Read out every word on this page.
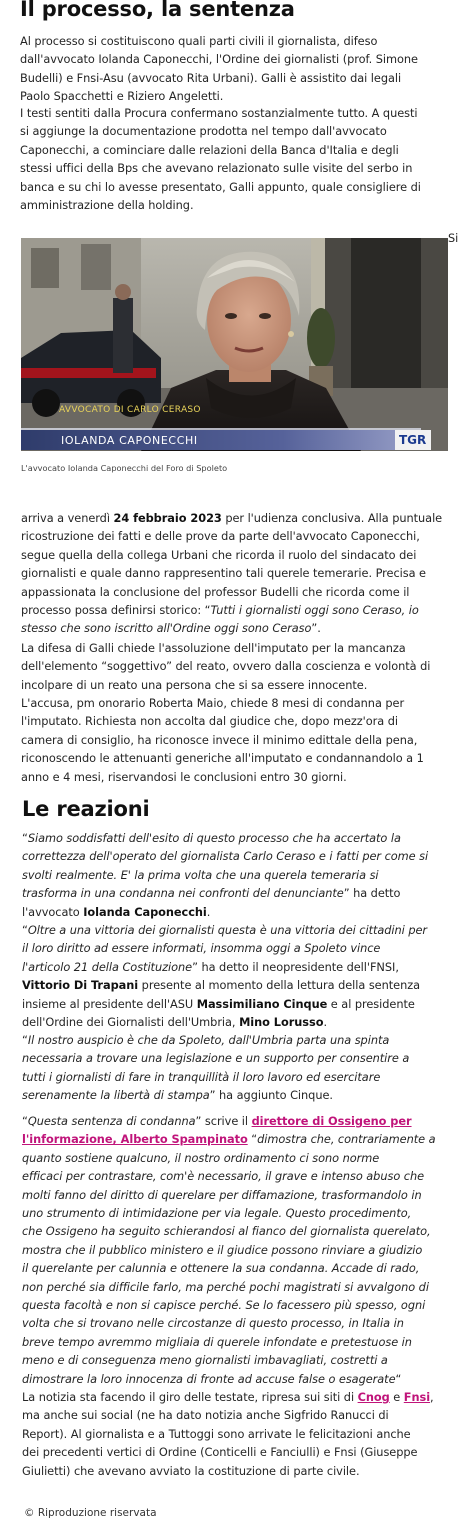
Il processo, la sentenza

Al processo si costituiscono quali parti civili il giornalista, difeso
dall'avvocato Iolanda Caponecchi, l'Ordine dei giornalisti (prof. Simone
Budelli) e Fnsi-Asu (avvocato Rita Urbani). Galli è assistito dai legali
Paolo Spacchetti e Riziero Angeletti.

I testi sentiti dalla Procura confermano sostanzialmente tutto. A questi
si aggiunge la documentazione prodotta nel tempo dall'avvocato
Caponecchi, a cominciare dalle relazioni della Banca d'Italia e degli
stessi uffici della Bps che avevano relazionato sulle visite del serbo in
banca e su chi lo avesse presentato, Galli appunto, quale consigliere di
amministrazione della holding.

Si
AVVOCATO DI CARLO CERASO
IOLANDA CAPONECCHI	TGR
L'avvocato Iolanda Caponecchi del Foro di Spoleto

arriva a venerdì 24 febbraio 2023 per l'udienza conclusiva. Alla puntuale
ricostruzione dei fatti e delle prove da parte dell'avvocato Caponecchi,
segue quella della collega Urbani che ricorda il ruolo del sindacato dei
giornalisti e quale danno rappresentino tali querele temerarie. Precisa e
appassionata la conclusione del professor Budelli che ricorda come il
processo possa definirsi storico: “Tutti i giornalisti oggi sono Ceraso, io
stesso che sono iscritto all'Ordine oggi sono Ceraso”.

La difesa di Galli chiede l'assoluzione dell'imputato per la mancanza
dell'elemento “soggettivo” del reato, ovvero dalla coscienza e volontà di
incolpare di un reato una persona che si sa essere innocente.

L'accusa, pm onorario Roberta Maio, chiede 8 mesi di condanna per
l'imputato. Richiesta non accolta dal giudice che, dopo mezz'ora di
camera di consiglio, ha riconosce invece il minimo edittale della pena,
riconoscendo le attenuanti generiche all'imputato e condannandolo a 1
anno e 4 mesi, riservandosi le conclusioni entro 30 giorni.

Le reazioni

“Siamo soddisfatti dell'esito di questo processo che ha accertato la
correttezza dell'operato del giornalista Carlo Ceraso e i fatti per come si
svolti realmente. E' la prima volta che una querela temeraria si
trasforma in una condanna nei confronti del denunciante” ha detto
l'avvocato Iolanda Caponecchi.

“Oltre a una vittoria dei giornalisti questa è una vittoria dei cittadini per
il loro diritto ad essere informati, insomma oggi a Spoleto vince
l'articolo 21 della Costituzione” ha detto il neopresidente dell'FNSI,
Vittorio Di Trapani presente al momento della lettura della sentenza
insieme al presidente dell'ASU Massimiliano Cinque e al presidente
dell'Ordine dei Giornalisti dell'Umbria, Mino Lorusso.

“Il nostro auspicio è che da Spoleto, dall'Umbria parta una spinta
necessaria a trovare una legislazione e un supporto per consentire a
tutti i giornalisti di fare in tranquillità il loro lavoro ed esercitare
serenamente la libertà di stampa” ha aggiunto Cinque.

“Questa sentenza di condanna” scrive il direttore di Ossigeno per
l'informazione, Alberto Spampinato “dimostra che, contrariamente a
quanto sostiene qualcuno, il nostro ordinamento ci sono norme
efficaci per contrastare, com'è necessario, il grave e intenso abuso che
molti fanno del diritto di querelare per diffamazione, trasformandolo in
uno strumento di intimidazione per via legale. Questo procedimento,
che Ossigeno ha seguito schierandosi al fianco del giornalista querelato,
mostra che il pubblico ministero e il giudice possono rinviare a giudizio
il querelante per calunnia e ottenere la sua condanna. Accade di rado,
non perché sia difficile farlo, ma perché pochi magistrati si avvalgono di
questa facoltà e non si capisce perché. Se lo facessero più spesso, ogni
volta che si trovano nelle circostanze di questo processo, in Italia in
breve tempo avremmo migliaia di querele infondate e pretestuose in
meno e di conseguenza meno giornalisti imbavagliati, costretti a
dimostrare la loro innocenza di fronte ad accuse false o esagerate“

La notizia sta facendo il giro delle testate, ripresa sui siti di Cnog e Fnsi,
ma anche sui social (ne ha dato notizia anche Sigfrido Ranucci di
Report). Al giornalista e a Tuttoggi sono arrivate le felicitazioni anche
dei precedenti vertici di Ordine (Conticelli e Fanciulli) e Fnsi (Giuseppe
Giulietti) che avevano avviato la costituzione di parte civile.

© Riproduzione riservata
